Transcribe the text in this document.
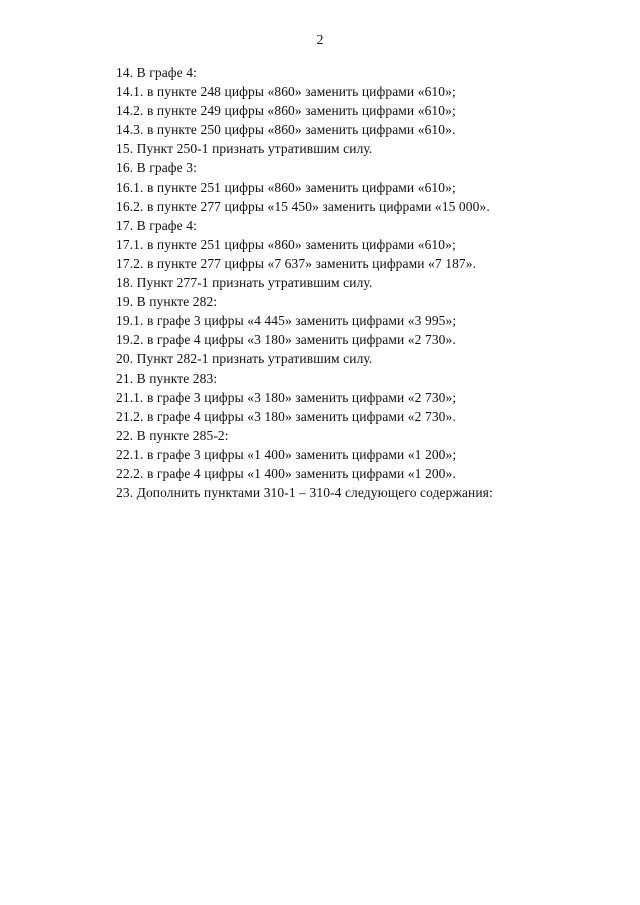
2
14. В графе 4:
14.1. в пункте 248 цифры «860» заменить цифрами «610»;
14.2. в пункте 249 цифры «860» заменить цифрами «610»;
14.3. в пункте 250 цифры «860» заменить цифрами «610».
15. Пункт 250-1 признать утратившим силу.
16. В графе 3:
16.1. в пункте 251 цифры «860» заменить цифрами «610»;
16.2. в пункте 277 цифры «15 450» заменить цифрами «15 000».
17. В графе 4:
17.1. в пункте 251 цифры «860» заменить цифрами «610»;
17.2. в пункте 277 цифры «7 637» заменить цифрами «7 187».
18. Пункт 277-1 признать утратившим силу.
19. В пункте 282:
19.1. в графе 3 цифры «4 445» заменить цифрами «3 995»;
19.2. в графе 4 цифры «3 180» заменить цифрами «2 730».
20. Пункт 282-1 признать утратившим силу.
21. В пункте 283:
21.1. в графе 3 цифры «3 180» заменить цифрами «2 730»;
21.2. в графе 4 цифры «3 180» заменить цифрами «2 730».
22. В пункте 285-2:
22.1. в графе 3 цифры «1 400» заменить цифрами «1 200»;
22.2. в графе 4 цифры «1 400» заменить цифрами «1 200».
23. Дополнить пунктами 310-1 – 310-4 следующего содержания:
